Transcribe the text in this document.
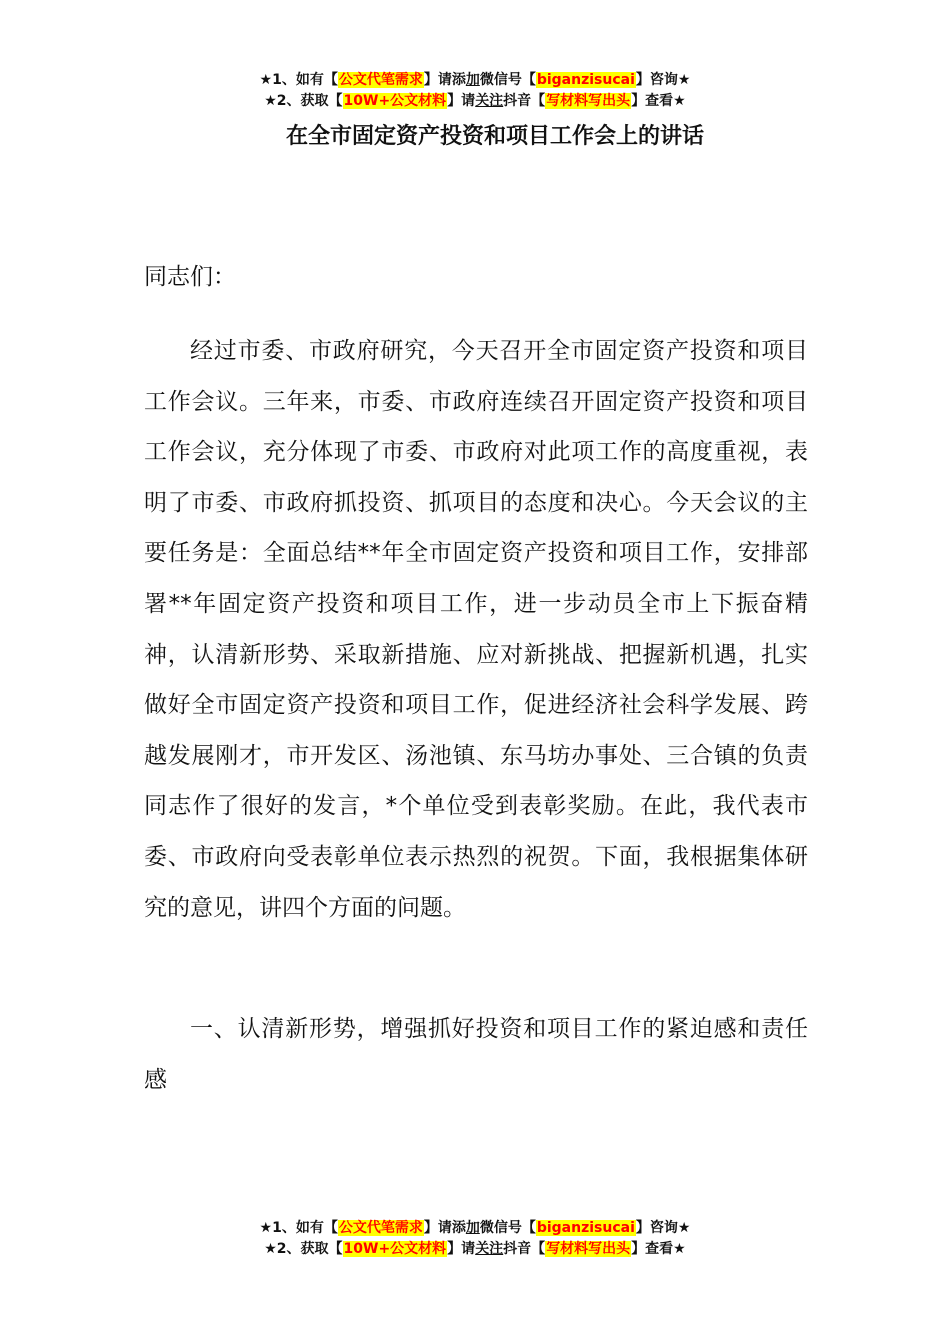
★1、如有【公文代笔需求】请添加微信号【biganzisucai】咨询★
★2、获取【10W+公文材料】请关注抖音【写材料写出头】查看★
在全市固定资产投资和项目工作会上的讲话
同志们：
经过市委、市政府研究，今天召开全市固定资产投资和项目工作会议。三年来，市委、市政府连续召开固定资产投资和项目工作会议，充分体现了市委、市政府对此项工作的高度重视，表明了市委、市政府抓投资、抓项目的态度和决心。今天会议的主要任务是：全面总结**年全市固定资产投资和项目工作，安排部署**年固定资产投资和项目工作，进一步动员全市上下振奋精神，认清新形势、采取新措施、应对新挑战、把握新机遇，扎实做好全市固定资产投资和项目工作，促进经济社会科学发展、跨越发展刚才，市开发区、汤池镇、东马坊办事处、三合镇的负责同志作了很好的发言，*个单位受到表彰奖励。在此，我代表市委、市政府向受表彰单位表示热烈的祝贺。下面，我根据集体研究的意见，讲四个方面的问题。
一、认清新形势，增强抓好投资和项目工作的紧迫感和责任感
★1、如有【公文代笔需求】请添加微信号【biganzisucai】咨询★
★2、获取【10W+公文材料】请关注抖音【写材料写出头】查看★
